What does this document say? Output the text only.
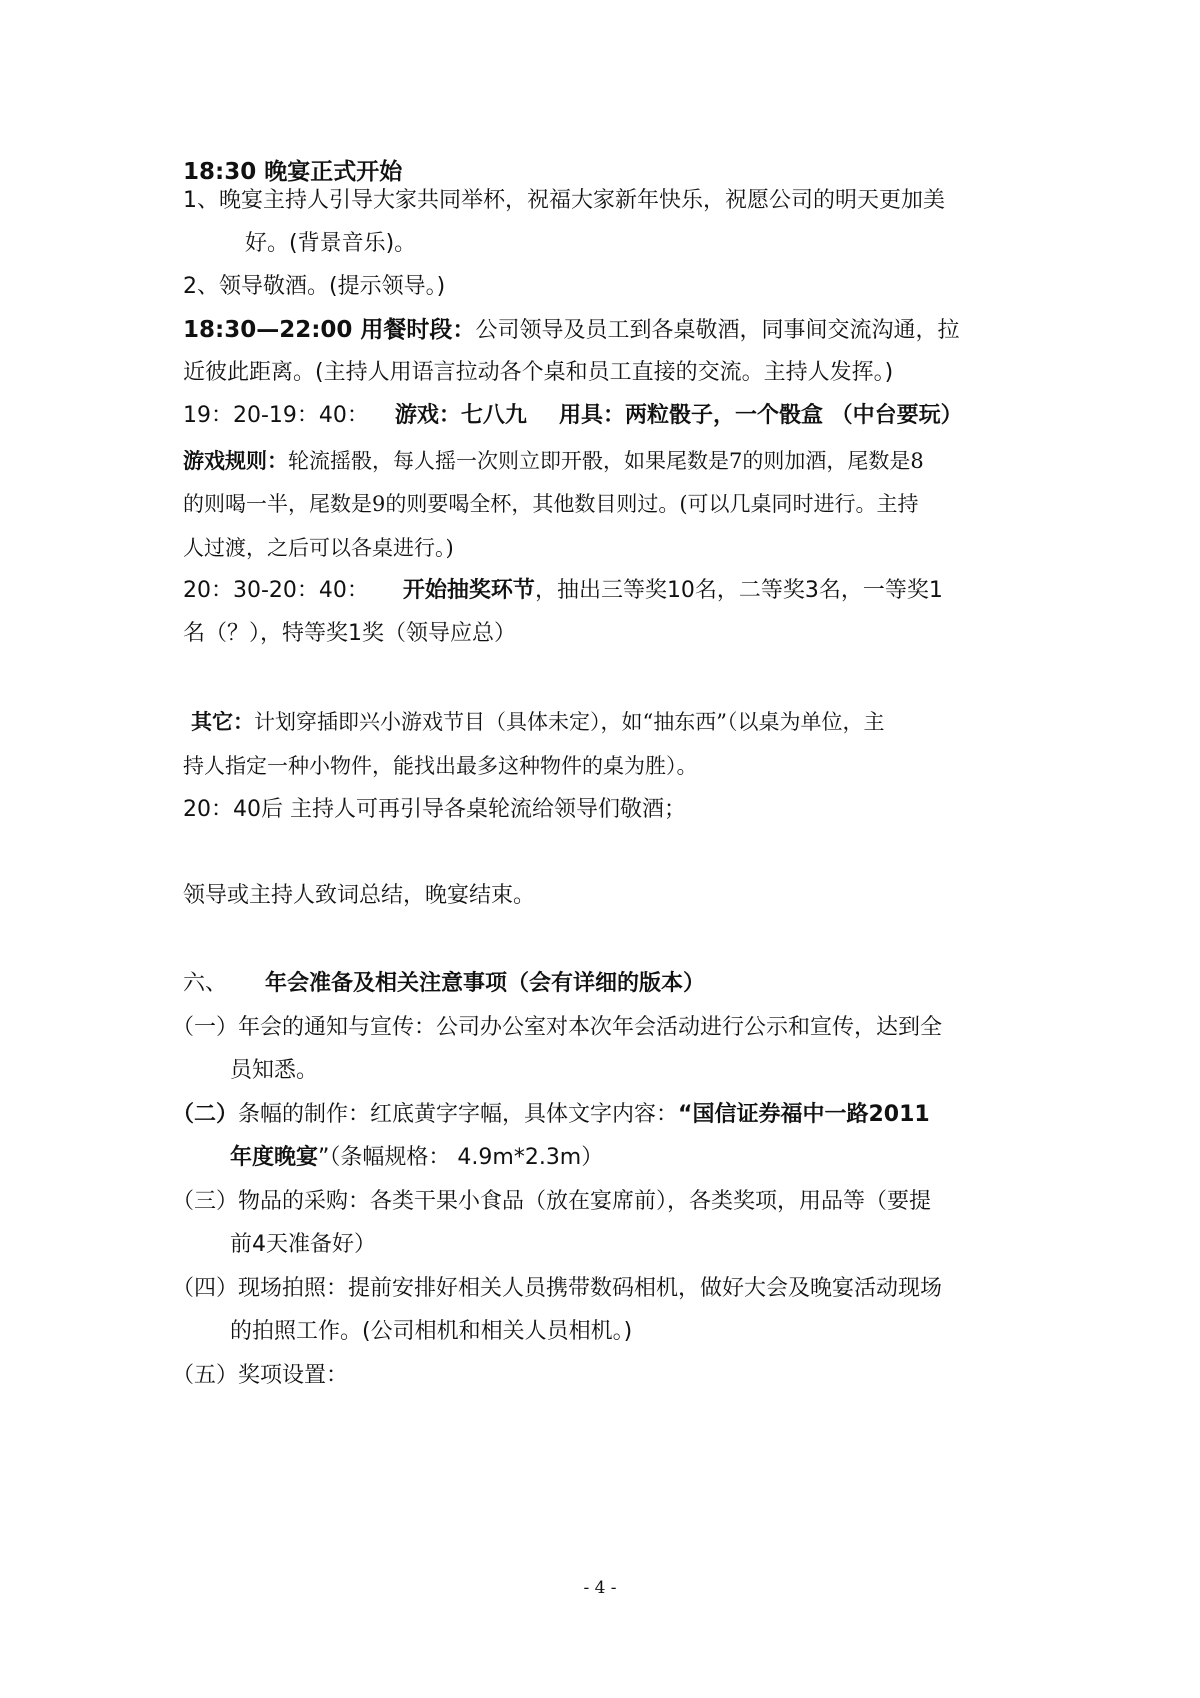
18:30 晚宴正式开始
1、晚宴主持人引导大家共同举杯，祝福大家新年快乐，祝愿公司的明天更加美
好。(背景音乐)。
2、领导敬酒。(提示领导。)
18:30—22:00 用餐时段：公司领导及员工到各桌敬酒，同事间交流沟通，拉
近彼此距离。(主持人用语言拉动各个桌和员工直接的交流。主持人发挥。)
19：20-19：40： 游戏：七八九 用具：两粒骰子，一个骰盒 （中台要玩）
游戏规则：轮流摇骰，每人摇一次则立即开骰，如果尾数是7的则加酒，尾数是8
的则喝一半，尾数是9的则要喝全杯，其他数目则过。(可以几桌同时进行。主持
人过渡，之后可以各桌进行。)
20：30-20：40： 开始抽奖环节，抽出三等奖10名，二等奖3名，一等奖1
名（？），特等奖1奖（领导应总）
其它：计划穿插即兴小游戏节目（具体未定），如“抽东西”（以桌为单位，主
持人指定一种小物件，能找出最多这种物件的桌为胜）。
20：40后 主持人可再引导各桌轮流给领导们敬酒；
领导或主持人致词总结，晚宴结束。
六、 年会准备及相关注意事项（会有详细的版本）
（一）年会的通知与宣传：公司办公室对本次年会活动进行公示和宣传，达到全
员知悉。
（二）条幅的制作：红底黄字字幅，具体文字内容：“国信证券福中一路2011
年度晚宴”（条幅规格： 4.9m*2.3m）
（三）物品的采购：各类干果小食品（放在宴席前），各类奖项，用品等（要提
前4天准备好）
（四）现场拍照：提前安排好相关人员携带数码相机，做好大会及晚宴活动现场
的拍照工作。(公司相机和相关人员相机。)
（五）奖项设置：
- 4 -
